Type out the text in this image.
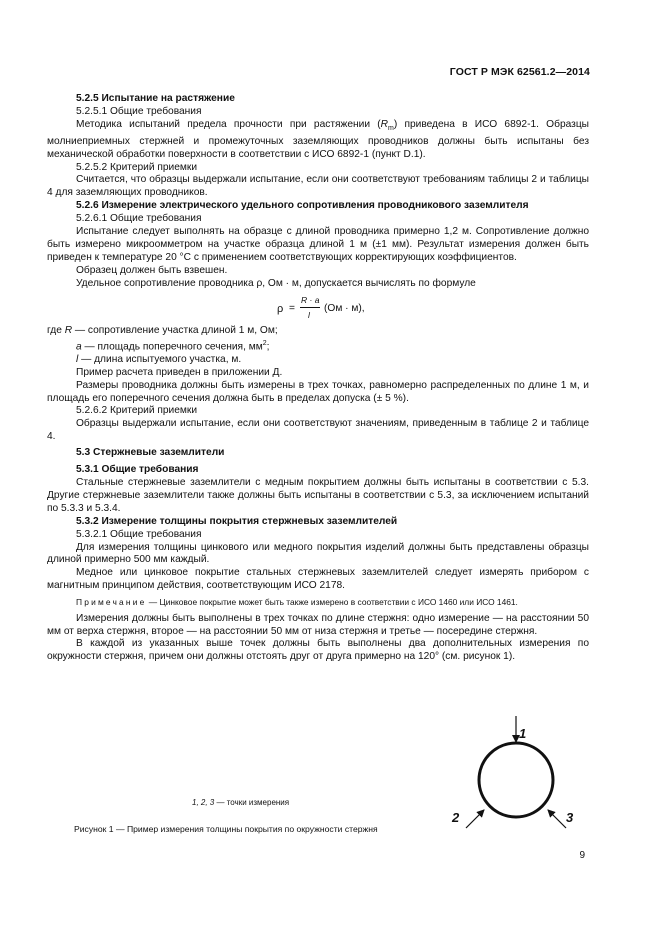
ГОСТ Р МЭК 62561.2—2014

5.2.5 Испытание на растяжение

5.2.5.1 Общие требования

Методика испытаний предела прочности при растяжении $(R_m)$ приведена в ИСО 6892-1. Образцы молниеприемных стержней и промежуточных заземляющих проводников должны быть испытаны без механической обработки поверхности в соответствии с ИСО 6892-1 (пункт D.1).

5.2.5.2 Критерий приемки

Считается, что образцы выдержали испытание, если они соответствуют требованиям таблицы 2 и таблицы 4 для заземляющих проводников.

5.2.6 Измерение электрического удельного сопротивления проводникового заземлителя

5.2.6.1 Общие требования

Испытание следует выполнять на образце с длиной проводника примерно 1,2 м. Сопротивление должно быть измерено микроомметром на участке образца длиной 1 м (±1 мм). Результат измерения должен быть приведен к температуре 20 °С с применением соответствующих корректирующих коэффициентов.

Образец должен быть взвешен.

Удельное сопротивление проводника ρ, Ом · м, допускается вычислять по формуле

ρ =
R · a
l
(Ом · м),

где R — сопротивление участка длиной 1 м, Ом;

a — площадь поперечного сечения, $мм^2$;

l — длина испытуемого участка, м.

Пример расчета приведен в приложении Д.

Размеры проводника должны быть измерены в трех точках, равномерно распределенных по длине 1 м, и площадь его поперечного сечения должна быть в пределах допуска (± 5 %).

5.2.6.2 Критерий приемки

Образцы выдержали испытание, если они соответствуют значениям, приведенным в таблице 2 и таблице 4.

5.3 Стержневые заземлители

5.3.1 Общие требования

Стальные стержневые заземлители с медным покрытием должны быть испытаны в соответствии с 5.3. Другие стержневые заземлители также должны быть испытаны в соответствии с 5.3, за исключением испытаний по 5.3.3 и 5.3.4.

5.3.2 Измерение толщины покрытия стержневых заземлителей

5.3.2.1 Общие требования

Для измерения толщины цинкового или медного покрытия изделий должны быть представлены образцы длиной примерно 500 мм каждый.

Медное или цинковое покрытие стальных стержневых заземлителей следует измерять прибором с магнитным принципом действия, соответствующим ИСО 2178.

Примечание — Цинковое покрытие может быть также измерено в соответствии с ИСО 1460 или ИСО 1461.

Измерения должны быть выполнены в трех точках по длине стержня: одно измерение — на расстоянии 50 мм от верха стержня, второе — на расстоянии 50 мм от низа стержня и третье — посередине стержня.

В каждой из указанных выше точек должны быть выполнены два дополнительных измерения по окружности стержня, причем они должны отстоять друг от друга примерно на 120° (см. рисунок 1).

1
2	3
1, 2, 3 — точки измерения
Рисунок 1 — Пример измерения толщины покрытия по окружности стержня
9
